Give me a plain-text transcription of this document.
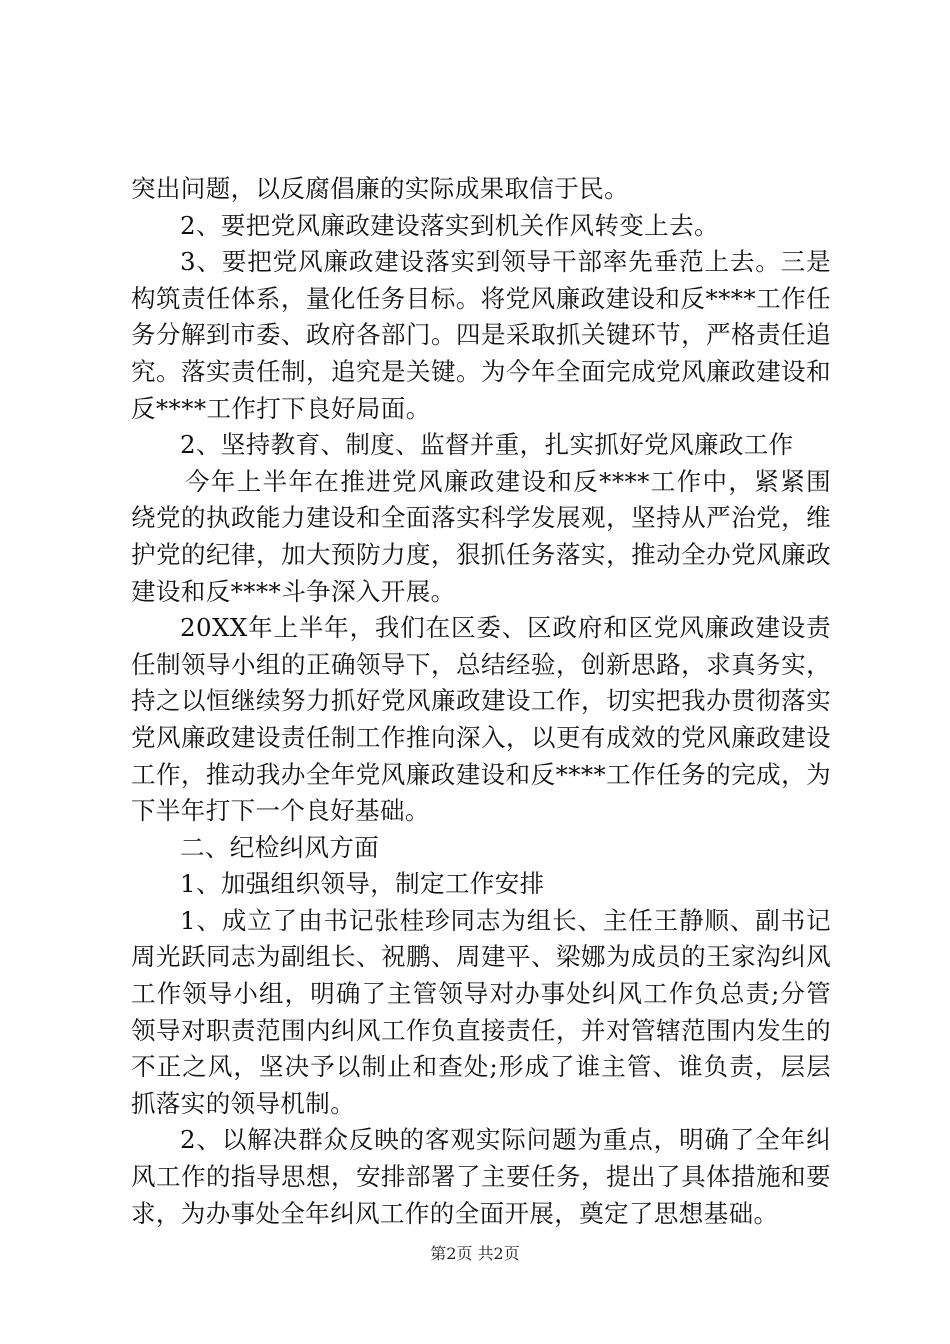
突出问题，以反腐倡廉的实际成果取信于民。

2、要把党风廉政建设落实到机关作风转变上去。

3、要把党风廉政建设落实到领导干部率先垂范上去。三是构筑责任体系，量化任务目标。将党风廉政建设和反****工作任务分解到市委、政府各部门。四是采取抓关键环节，严格责任追究。落实责任制，追究是关键。为今年全面完成党风廉政建设和反****工作打下良好局面。

2、坚持教育、制度、监督并重，扎实抓好党风廉政工作

今年上半年在推进党风廉政建设和反****工作中，紧紧围绕党的执政能力建设和全面落实科学发展观，坚持从严治党，维护党的纪律，加大预防力度，狠抓任务落实，推动全办党风廉政建设和反****斗争深入开展。

20XX年上半年，我们在区委、区政府和区党风廉政建设责任制领导小组的正确领导下，总结经验，创新思路，求真务实，持之以恒继续努力抓好党风廉政建设工作，切实把我办贯彻落实党风廉政建设责任制工作推向深入，以更有成效的党风廉政建设工作，推动我办全年党风廉政建设和反****工作任务的完成，为下半年打下一个良好基础。

二、纪检纠风方面

1、加强组织领导，制定工作安排

1、成立了由书记张桂珍同志为组长、主任王静顺、副书记周光跃同志为副组长、祝鹏、周建平、梁娜为成员的王家沟纠风工作领导小组，明确了主管领导对办事处纠风工作负总责;分管领导对职责范围内纠风工作负直接责任，并对管辖范围内发生的不正之风，坚决予以制止和查处;形成了谁主管、谁负责，层层抓落实的领导机制。

2、以解决群众反映的客观实际问题为重点，明确了全年纠风工作的指导思想，安排部署了主要任务，提出了具体措施和要求，为办事处全年纠风工作的全面开展，奠定了思想基础。

第2页 共2页
